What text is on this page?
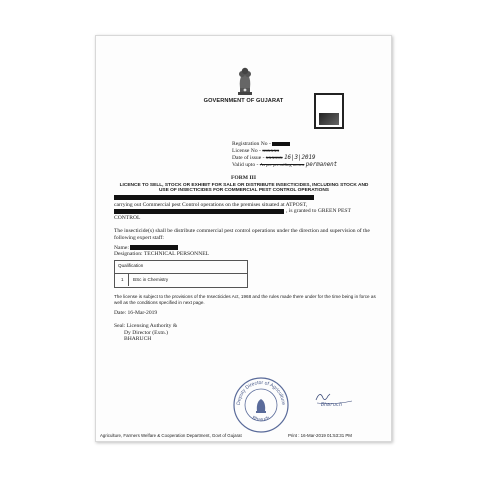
GOVERNMENT OF GUJARAT
Registration No -
License No - xxxxxx
Date of issue - xxxxxx 16|3|2019
Valid upto - As per prevailing norms permanent
FORM III
LICENCE TO SELL, STOCK OR EXHIBIT FOR SALE OR DISTRIBUTE INSECTICIDES, INCLUDING STOCK AND
USE OF INSECTICIDES FOR COMMERCIAL PEST CONTROL OPERATIONS
carrying out Commercial pest Control operations on the premises situated at ATPOST,
, is granted to GREEN PEST
CONTROL
The insecticide(s) shall be distribute commercial pest control operations under the direction and supervision of the following expert staff:
Name:
Designation: TECHNICAL PERSONNEL
Qualification
1 BSc in Chemistry
The license is subject to the provisions of the Insecticides Act, 1968 and the rules made there under for the time being in force as well as the conditions specified in next page.
Date: 16-Mar-2019
Seal: Licensing Authority &
Dy Director (Extn.)
BHARUCH
Deputy Director of Agriculture
Bharuch
Bharuch
Agriculture, Farmers Welfare & Cooperation Department, Govt of Gujarat	Print : 16-Mar-2019 01:53:31 PM
